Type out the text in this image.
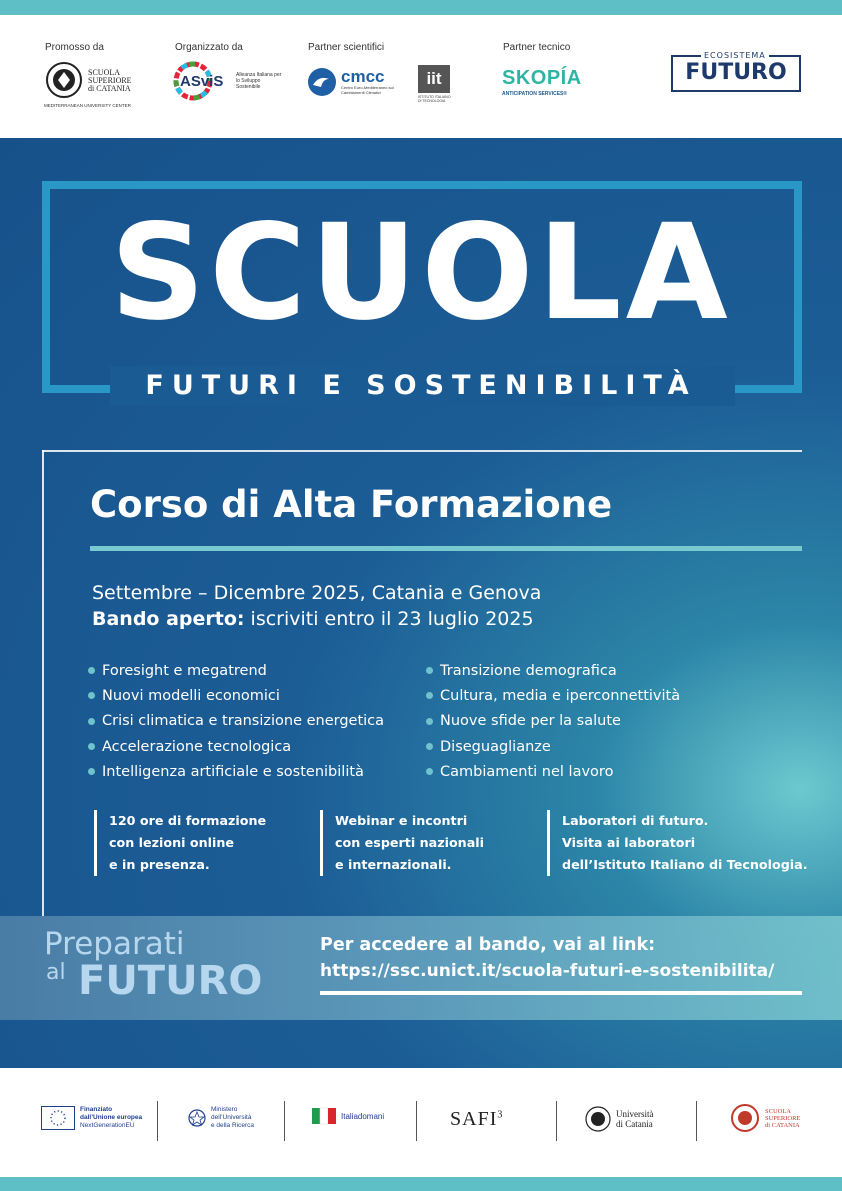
Promosso da	Organizzato da	Partner scientifici	Partner tecnico
SCUOLA
SUPERIORE
di CATANIA
MEDITERRANEAN UNIVERSITY CENTER
ASviS	Alleanza Italiana per lo Sviluppo Sostenibile
cmcc
Centro Euro-Mediterraneo sui Cambiamenti Climatici
iit
ISTITUTO ITALIANO DI TECNOLOGIA
SKOPÍA
ANTICIPATION SERVICES®
ECOSISTEMA
FUTURO
SCUOLA
FUTURI E SOSTENIBILITÀ
Corso di Alta Formazione
Settembre – Dicembre 2025, Catania e Genova
Bando aperto: iscriviti entro il 23 luglio 2025
Foresight e megatrend
Nuovi modelli economici
Crisi climatica e transizione energetica
Accelerazione tecnologica
Intelligenza artificiale e sostenibilità
Transizione demografica
Cultura, media e iperconnettività
Nuove sfide per la salute
Diseguaglianze
Cambiamenti nel lavoro
120 ore di formazione
con lezioni online
e in presenza.
Webinar e incontri
con esperti nazionali
e internazionali.
Laboratori di futuro.
Visita ai laboratori
dell’Istituto Italiano di Tecnologia.
Preparati
al FUTURO
Per accedere al bando, vai al link:
https://ssc.unict.it/scuola-futuri-e-sostenibilita/
Finanziato
dall’Unione europea
NextGenerationEU
Ministero
dell’Università
e della Ricerca
Italiadomani	SAFI$^3$	Università
di Catania
SCUOLA
SUPERIORE
di CATANIA
